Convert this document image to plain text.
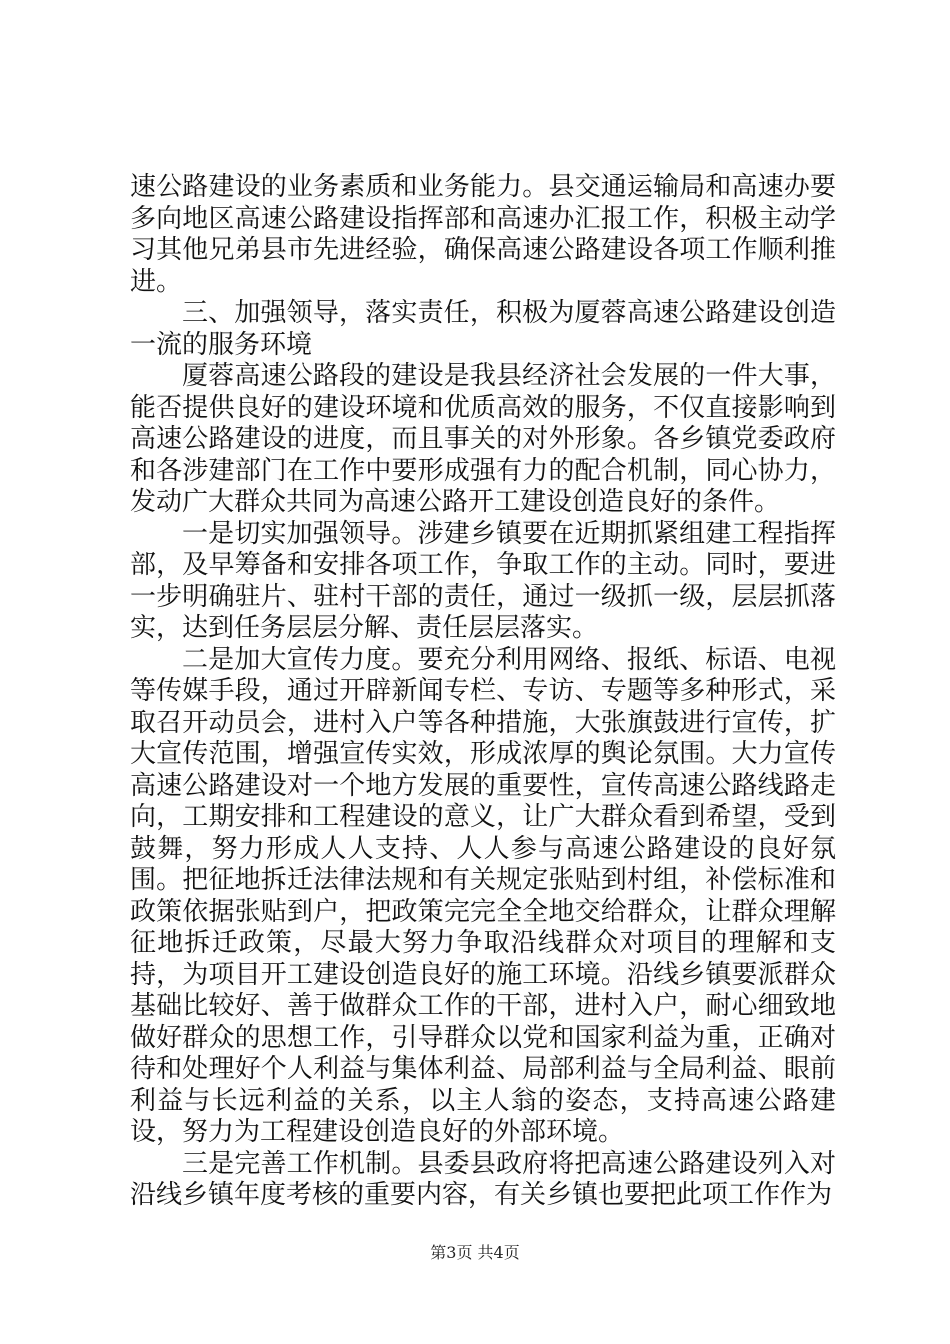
速公路建设的业务素质和业务能力。县交通运输局和高速办要多向地区高速公路建设指挥部和高速办汇报工作，积极主动学习其他兄弟县市先进经验，确保高速公路建设各项工作顺利推进。

三、加强领导，落实责任，积极为厦蓉高速公路建设创造一流的服务环境

厦蓉高速公路段的建设是我县经济社会发展的一件大事，能否提供良好的建设环境和优质高效的服务，不仅直接影响到高速公路建设的进度，而且事关的对外形象。各乡镇党委政府和各涉建部门在工作中要形成强有力的配合机制，同心协力，发动广大群众共同为高速公路开工建设创造良好的条件。

一是切实加强领导。涉建乡镇要在近期抓紧组建工程指挥部，及早筹备和安排各项工作，争取工作的主动。同时，要进一步明确驻片、驻村干部的责任，通过一级抓一级，层层抓落实，达到任务层层分解、责任层层落实。

二是加大宣传力度。要充分利用网络、报纸、标语、电视等传媒手段，通过开辟新闻专栏、专访、专题等多种形式，采取召开动员会，进村入户等各种措施，大张旗鼓进行宣传，扩大宣传范围，增强宣传实效，形成浓厚的舆论氛围。大力宣传高速公路建设对一个地方发展的重要性，宣传高速公路线路走向，工期安排和工程建设的意义，让广大群众看到希望，受到鼓舞，努力形成人人支持、人人参与高速公路建设的良好氛围。把征地拆迁法律法规和有关规定张贴到村组，补偿标准和政策依据张贴到户，把政策完完全全地交给群众，让群众理解征地拆迁政策，尽最大努力争取沿线群众对项目的理解和支持，为项目开工建设创造良好的施工环境。沿线乡镇要派群众基础比较好、善于做群众工作的干部，进村入户，耐心细致地做好群众的思想工作，引导群众以党和国家利益为重，正确对待和处理好个人利益与集体利益、局部利益与全局利益、眼前利益与长远利益的关系，以主人翁的姿态，支持高速公路建设，努力为工程建设创造良好的外部环境。

三是完善工作机制。县委县政府将把高速公路建设列入对沿线乡镇年度考核的重要内容，有关乡镇也要把此项工作作为

第3页 共4页
